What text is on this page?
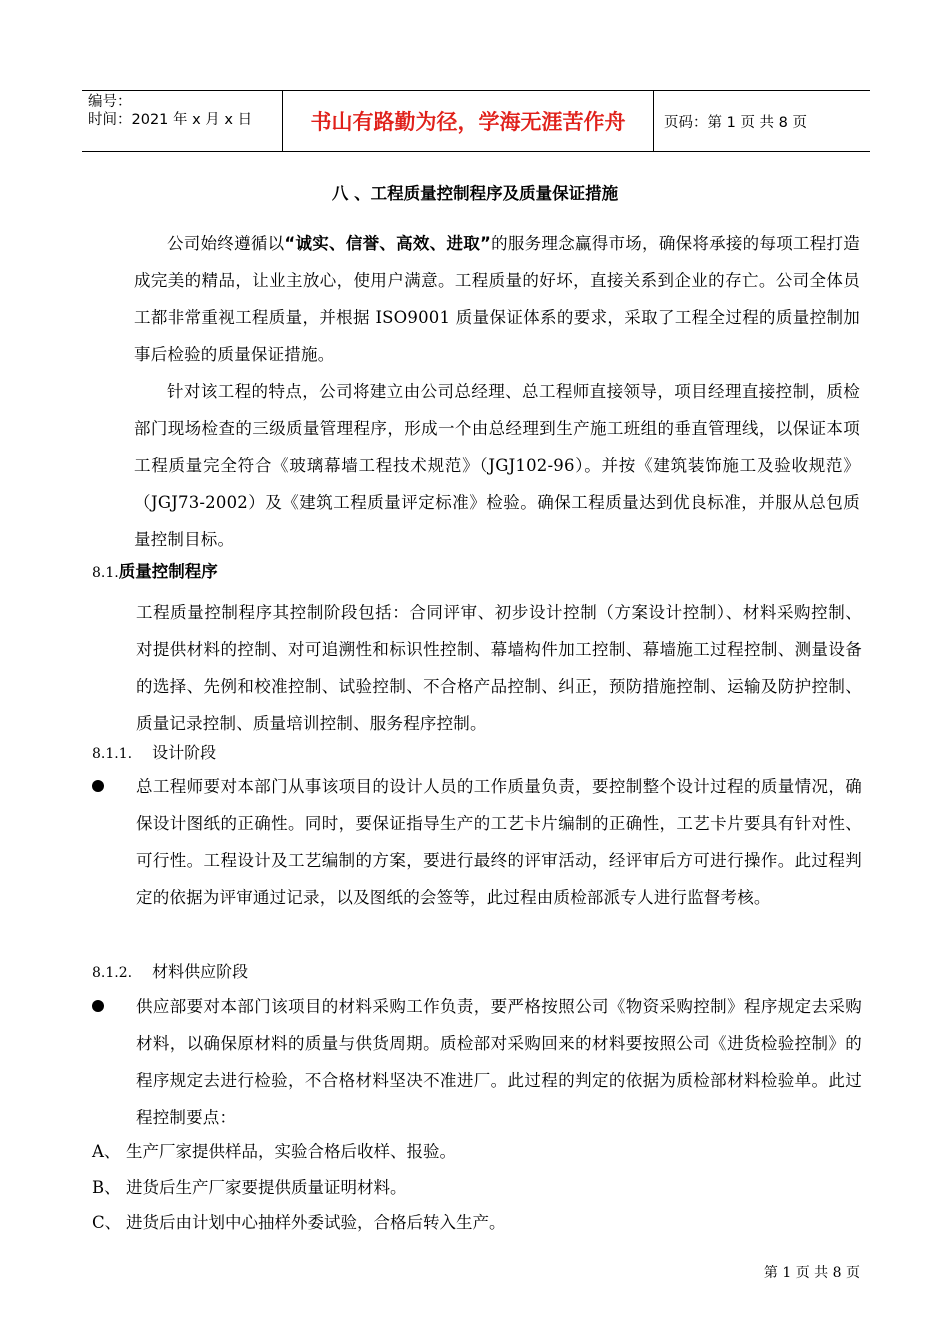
编号：
时间：2021 年 x 月 x 日	书山有路勤为径，学海无涯苦作舟	页码：第 1 页 共 8 页
八 、工程质量控制程序及质量保证措施
公司始终遵循以“诚实、信誉、高效、进取”的服务理念赢得市场，确保将承接的每项工程打造成完美的精品，让业主放心，使用户满意。工程质量的好坏，直接关系到企业的存亡。公司全体员工都非常重视工程质量，并根据 ISO9001 质量保证体系的要求，采取了工程全过程的质量控制加事后检验的质量保证措施。
针对该工程的特点，公司将建立由公司总经理、总工程师直接领导，项目经理直接控制，质检部门现场检查的三级质量管理程序，形成一个由总经理到生产施工班组的垂直管理线，以保证本项工程质量完全符合《玻璃幕墙工程技术规范》（JGJ102-96）。并按《建筑装饰施工及验收规范》（JGJ73-2002）及《建筑工程质量评定标准》检验。确保工程质量达到优良标准，并服从总包质量控制目标。
8.1.质量控制程序
工程质量控制程序其控制阶段包括：合同评审、初步设计控制（方案设计控制）、材料采购控制、对提供材料的控制、对可追溯性和标识性控制、幕墙构件加工控制、幕墙施工过程控制、测量设备的选择、先例和校准控制、试验控制、不合格产品控制、纠正，预防措施控制、运输及防护控制、质量记录控制、质量培训控制、服务程序控制。
8.1.1. 设计阶段
总工程师要对本部门从事该项目的设计人员的工作质量负责，要控制整个设计过程的质量情况，确保设计图纸的正确性。同时，要保证指导生产的工艺卡片编制的正确性，工艺卡片要具有针对性、可行性。工程设计及工艺编制的方案，要进行最终的评审活动，经评审后方可进行操作。此过程判定的依据为评审通过记录，以及图纸的会签等，此过程由质检部派专人进行监督考核。
8.1.2. 材料供应阶段
供应部要对本部门该项目的材料采购工作负责，要严格按照公司《物资采购控制》程序规定去采购材料，以确保原材料的质量与供货周期。质检部对采购回来的材料要按照公司《进货检验控制》的程序规定去进行检验，不合格材料坚决不准进厂。此过程的判定的依据为质检部材料检验单。此过程控制要点：
A、 生产厂家提供样品，实验合格后收样、报验。
B、 进货后生产厂家要提供质量证明材料。
C、 进货后由计划中心抽样外委试验，合格后转入生产。
第 1 页 共 8 页
